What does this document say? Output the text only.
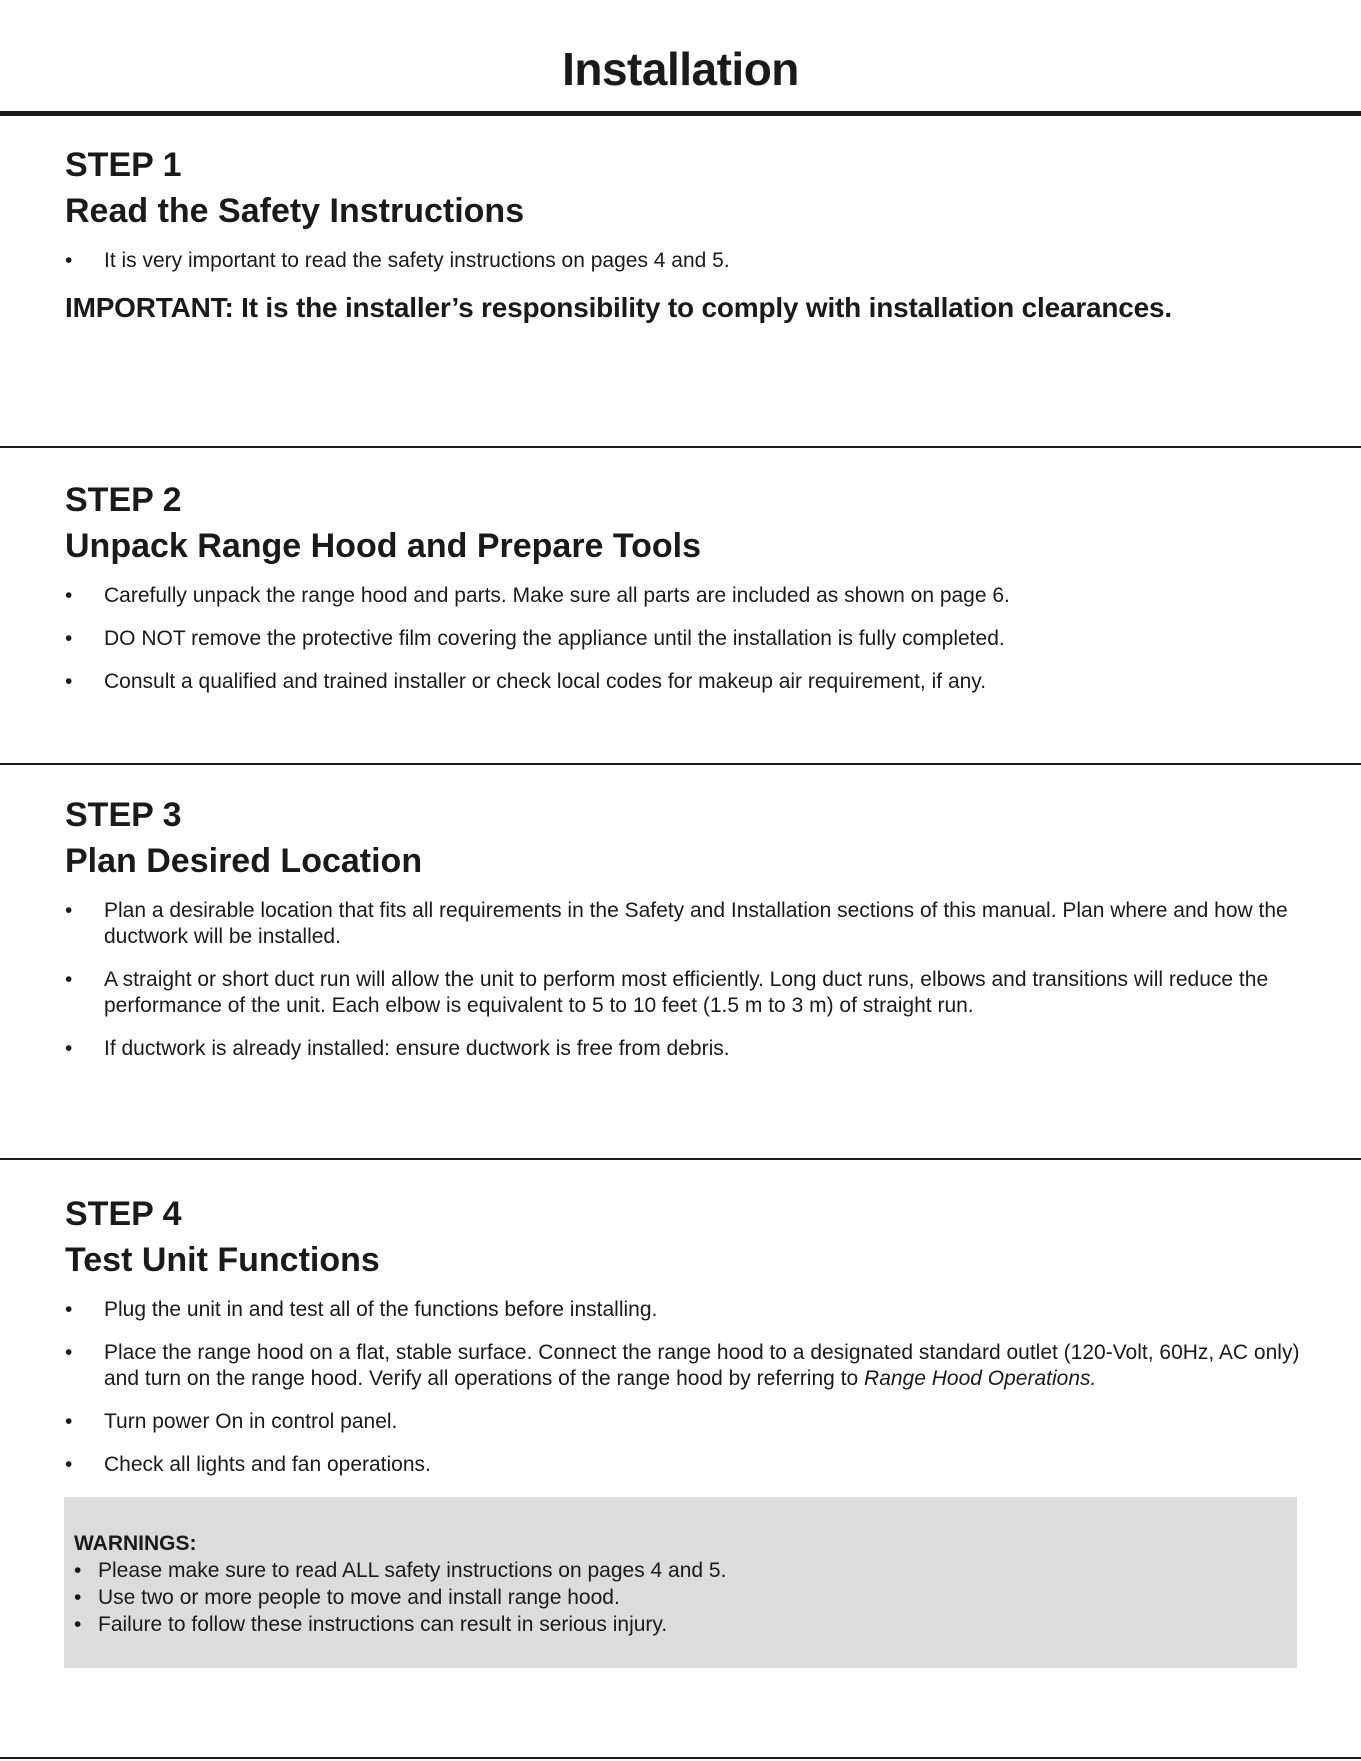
Installation
STEP 1
Read the Safety Instructions
• It is very important to read the safety instructions on pages 4 and 5.
IMPORTANT: It is the installer’s responsibility to comply with installation clearances.
STEP 2
Unpack Range Hood and Prepare Tools
• Carefully unpack the range hood and parts. Make sure all parts are included as shown on page 6.
• DO NOT remove the protective film covering the appliance until the installation is fully completed.
• Consult a qualified and trained installer or check local codes for makeup air requirement, if any.
STEP 3
Plan Desired Location
• Plan a desirable location that fits all requirements in the Safety and Installation sections of this manual. Plan where and how the ductwork will be installed.
• A straight or short duct run will allow the unit to perform most efficiently. Long duct runs, elbows and transitions will reduce the performance of the unit. Each elbow is equivalent to 5 to 10 feet (1.5 m to 3 m) of straight run.
• If ductwork is already installed: ensure ductwork is free from debris.
STEP 4
Test Unit Functions
• Plug the unit in and test all of the functions before installing.
• Place the range hood on a flat, stable surface. Connect the range hood to a designated standard outlet (120-Volt, 60Hz, AC only) and turn on the range hood. Verify all operations of the range hood by referring to Range Hood Operations.
• Turn power On in control panel.
• Check all lights and fan operations.
WARNINGS:
• Please make sure to read ALL safety instructions on pages 4 and 5.
• Use two or more people to move and install range hood.
• Failure to follow these instructions can result in serious injury.
